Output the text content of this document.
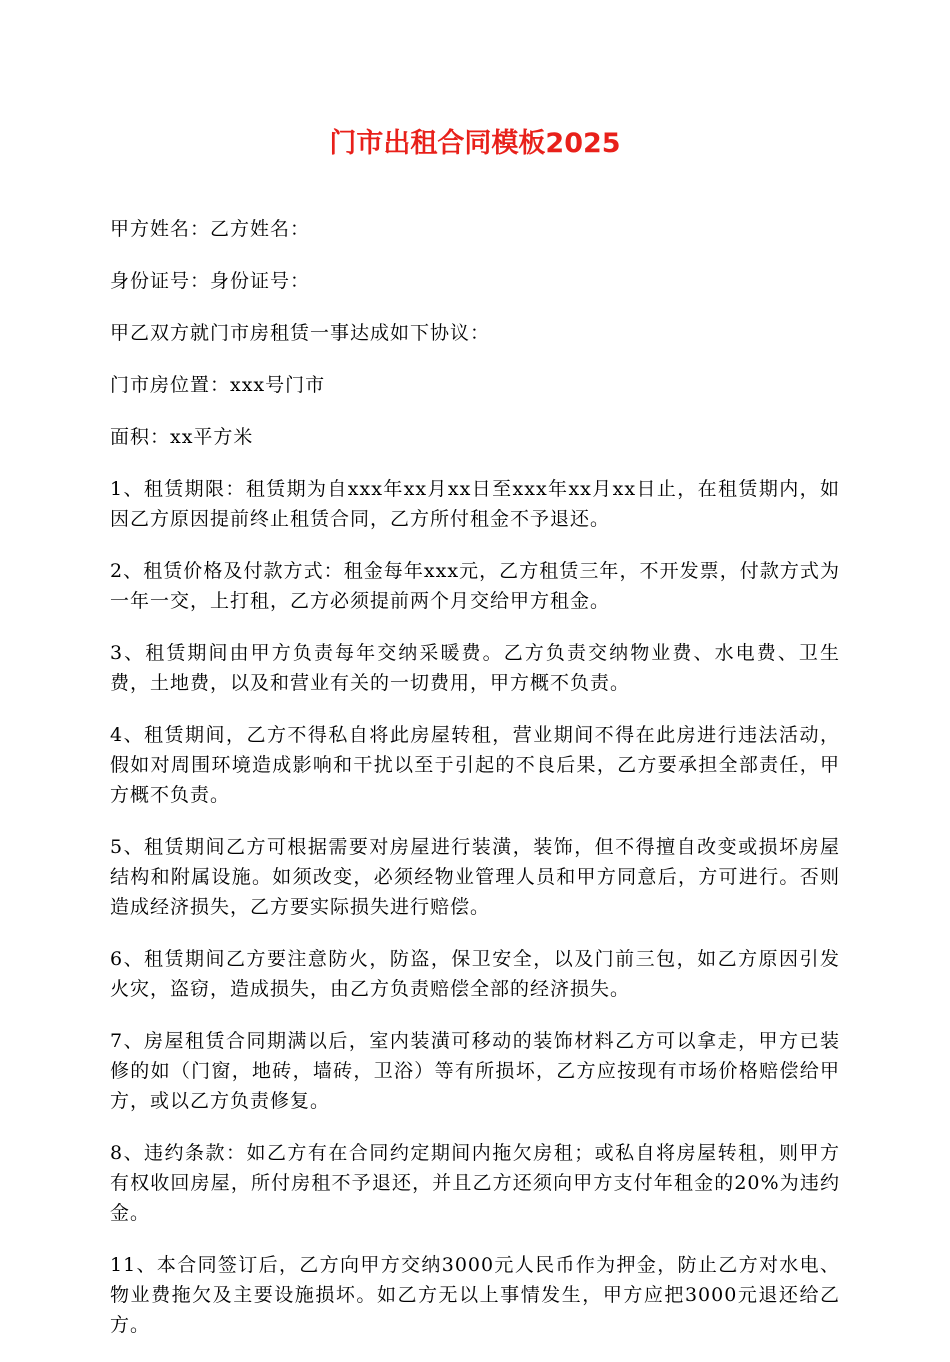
门市出租合同模板2025

甲方姓名：乙方姓名：

身份证号：身份证号：

甲乙双方就门市房租赁一事达成如下协议：

门市房位置：xxx号门市

面积：xx平方米

1、租赁期限：租赁期为自xxx年xx月xx日至xxx年xx月xx日止，在租赁期内，如因乙方原因提前终止租赁合同，乙方所付租金不予退还。

2、租赁价格及付款方式：租金每年xxx元，乙方租赁三年，不开发票，付款方式为一年一交，上打租，乙方必须提前两个月交给甲方租金。

3、租赁期间由甲方负责每年交纳采暖费。乙方负责交纳物业费、水电费、卫生费，土地费，以及和营业有关的一切费用，甲方概不负责。

4、租赁期间，乙方不得私自将此房屋转租，营业期间不得在此房进行违法活动，假如对周围环境造成影响和干扰以至于引起的不良后果，乙方要承担全部责任，甲方概不负责。

5、租赁期间乙方可根据需要对房屋进行装潢，装饰，但不得擅自改变或损坏房屋结构和附属设施。如须改变，必须经物业管理人员和甲方同意后，方可进行。否则造成经济损失，乙方要实际损失进行赔偿。

6、租赁期间乙方要注意防火，防盗，保卫安全，以及门前三包，如乙方原因引发火灾，盗窃，造成损失，由乙方负责赔偿全部的经济损失。

7、房屋租赁合同期满以后，室内装潢可移动的装饰材料乙方可以拿走，甲方已装修的如（门窗，地砖，墙砖，卫浴）等有所损坏，乙方应按现有市场价格赔偿给甲方，或以乙方负责修复。

8、违约条款：如乙方有在合同约定期间内拖欠房租；或私自将房屋转租，则甲方有权收回房屋，所付房租不予退还，并且乙方还须向甲方支付年租金的20%为违约金。

11、本合同签订后，乙方向甲方交纳3000元人民币作为押金，防止乙方对水电、物业费拖欠及主要设施损坏。如乙方无以上事情发生，甲方应把3000元退还给乙方。
